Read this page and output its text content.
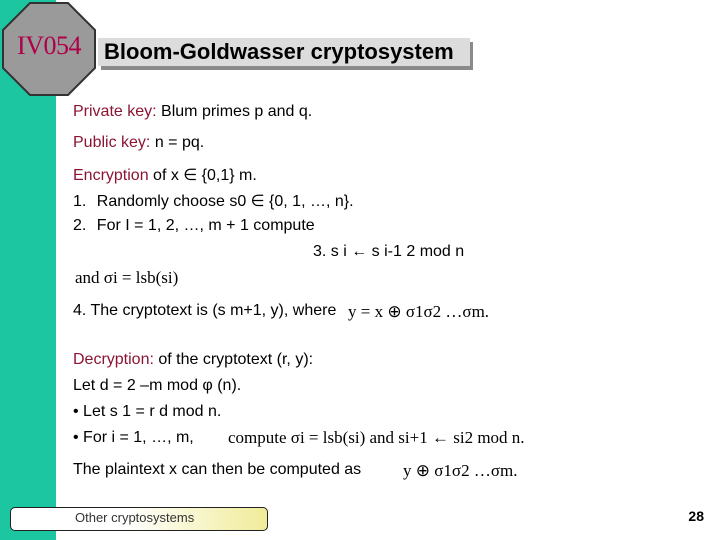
IV054	Bloom-Goldwasser cryptosystem
Private key: Blum primes p and q.
Public key: n = pq.
Encryption of x ∈ {0,1} m.
1. Randomly choose s0 ∈ {0, 1, …, n}.
2. For I = 1, 2, …, m + 1 compute
3. s i ← s i-1 2 mod n
and σi = lsb(si)
4. The cryptotext is (s m+1, y), where y = x ⊕ σ1σ2 …σm.
Decryption: of the cryptotext (r, y):
Let d = 2 –m mod φ (n).
• Let s 1 = r d mod n.
• For i = 1, …, m, compute σi = lsb(si) and si+1 ← si2 mod n.
The plaintext x can then be computed as y ⊕ σ1σ2 …σm.
Other cryptosystems	28
